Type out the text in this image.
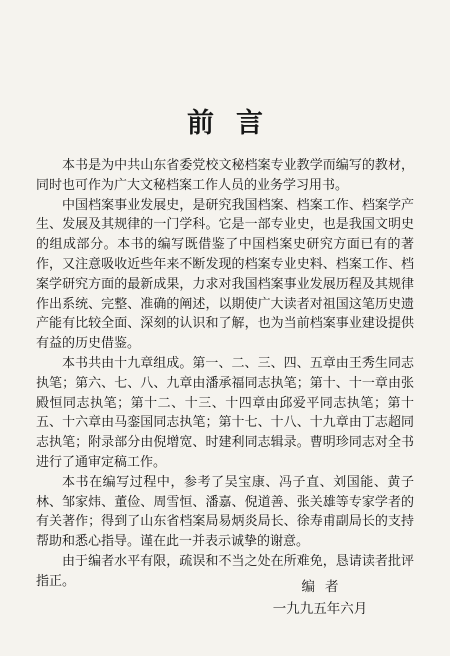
前言

本书是为中共山东省委党校文秘档案专业教学而编写的教材，同时也可作为广大文秘档案工作人员的业务学习用书。

中国档案事业发展史，是研究我国档案、档案工作、档案学产生、发展及其规律的一门学科。它是一部专业史，也是我国文明史的组成部分。本书的编写既借鉴了中国档案史研究方面已有的著作，又注意吸收近些年来不断发现的档案专业史料、档案工作、档案学研究方面的最新成果，力求对我国档案事业发展历程及其规律作出系统、完整、准确的阐述，以期使广大读者对祖国这笔历史遗产能有比较全面、深刻的认识和了解，也为当前档案事业建设提供有益的历史借鉴。

本书共由十九章组成。第一、二、三、四、五章由王秀生同志执笔；第六、七、八、九章由潘承福同志执笔；第十、十一章由张殿恒同志执笔；第十二、十三、十四章由邱爱平同志执笔；第十五、十六章由马銮国同志执笔；第十七、十八、十九章由丁志超同志执笔；附录部分由倪增宽、时建利同志辑录。曹明珍同志对全书进行了通审定稿工作。

本书在编写过程中，参考了吴宝康、冯子直、刘国能、黄子林、邹家炜、董俭、周雪恒、潘嘉、倪道善、张关雄等专家学者的有关著作；得到了山东省档案局易炳炎局长、徐寿甫副局长的支持帮助和悉心指导。谨在此一并表示诚挚的谢意。

由于编者水平有限，疏误和不当之处在所难免，恳请读者批评指正。	编者
一九九五年六月
